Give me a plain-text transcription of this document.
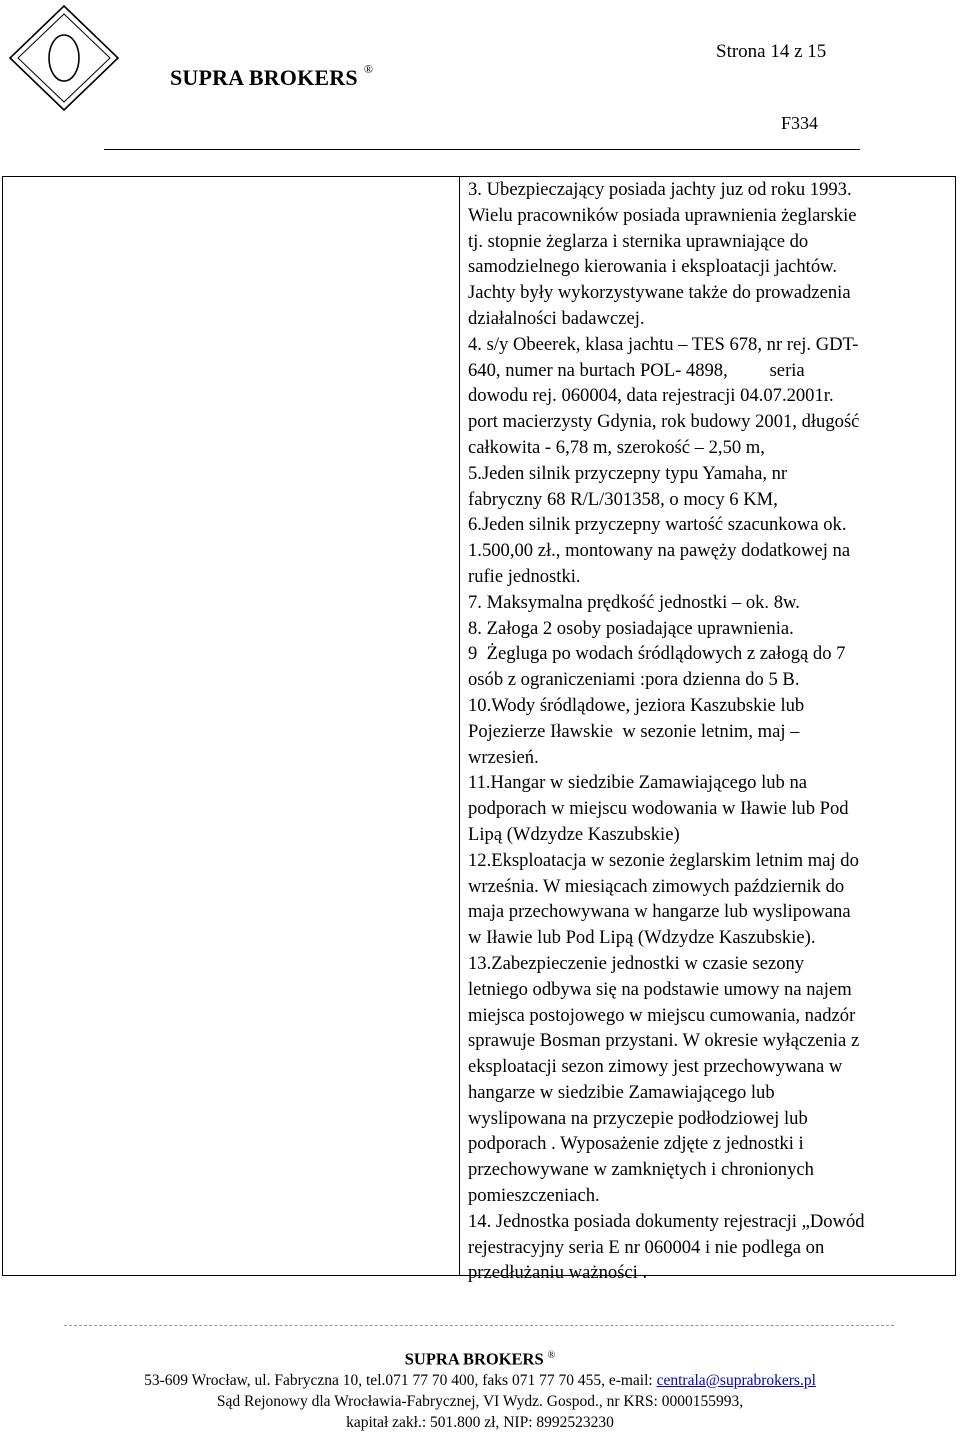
Strona 14 z 15
SUPRA BROKERS ®
F334
3. Ubezpieczający posiada jachty juz od roku 1993.
Wielu pracowników posiada uprawnienia żeglarskie
tj. stopnie żeglarza i sternika uprawniające do
samodzielnego kierowania i eksploatacji jachtów.
Jachty były wykorzystywane także do prowadzenia
działalności badawczej.
4. s/y Obeerek, klasa jachtu – TES 678, nr rej. GDT-
640, numer na burtach POL- 4898,         seria
dowodu rej. 060004, data rejestracji 04.07.2001r.
port macierzysty Gdynia, rok budowy 2001, długość
całkowita - 6,78 m, szerokość – 2,50 m,
5.Jeden silnik przyczepny typu Yamaha, nr
fabryczny 68 R/L/301358, o mocy 6 KM,
6.Jeden silnik przyczepny wartość szacunkowa ok.
1.500,00 zł., montowany na pawęży dodatkowej na
rufie jednostki.
7. Maksymalna prędkość jednostki – ok. 8w.
8. Załoga 2 osoby posiadające uprawnienia.
9  Żegluga po wodach śródlądowych z załogą do 7
osób z ograniczeniami :pora dzienna do 5 B.
10.Wody śródlądowe, jeziora Kaszubskie lub
Pojezierze Iławskie  w sezonie letnim, maj –
wrzesień.
11.Hangar w siedzibie Zamawiającego lub na
podporach w miejscu wodowania w Iławie lub Pod
Lipą (Wdzydze Kaszubskie)
12.Eksploatacja w sezonie żeglarskim letnim maj do
września. W miesiącach zimowych październik do
maja przechowywana w hangarze lub wyslipowana
w Iławie lub Pod Lipą (Wdzydze Kaszubskie).
13.Zabezpieczenie jednostki w czasie sezony
letniego odbywa się na podstawie umowy na najem
miejsca postojowego w miejscu cumowania, nadzór
sprawuje Bosman przystani. W okresie wyłączenia z
eksploatacji sezon zimowy jest przechowywana w
hangarze w siedzibie Zamawiającego lub
wyslipowana na przyczepie podłodziowej lub
podporach . Wyposażenie zdjęte z jednostki i
przechowywane w zamkniętych i chronionych
pomieszczeniach.
14. Jednostka posiada dokumenty rejestracji „Dowód
rejestracyjny seria E nr 060004 i nie podlega on
przedłużaniu ważności .
SUPRA BROKERS ®
53-609 Wrocław, ul. Fabryczna 10, tel.071 77 70 400, faks 071 77 70 455, e-mail: centrala@suprabrokers.pl
Sąd Rejonowy dla Wrocławia-Fabrycznej, VI Wydz. Gospod., nr KRS: 0000155993,
kapitał zakł.: 501.800 zł, NIP: 8992523230
